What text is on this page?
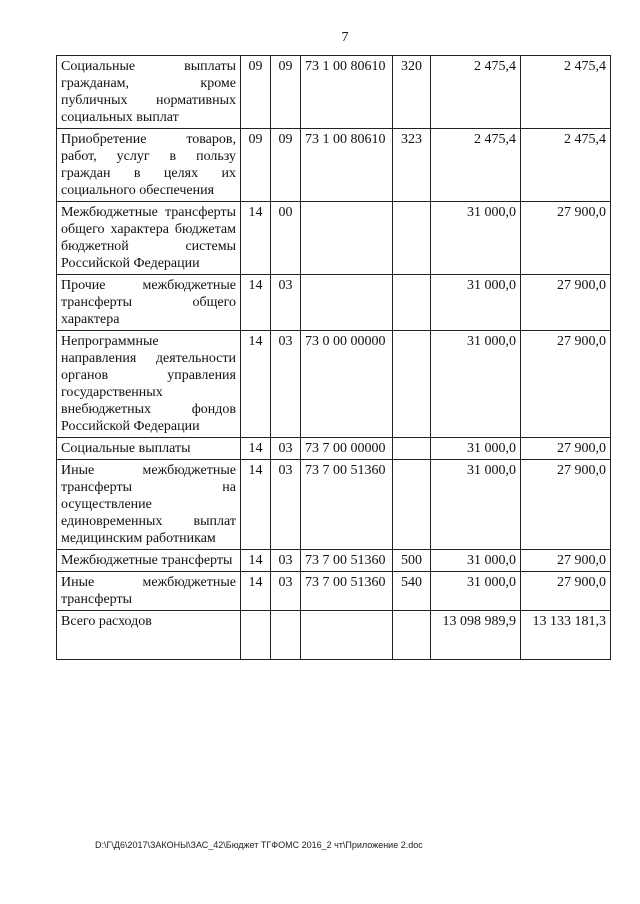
7
Социальные выплаты гражданам, кроме публичных нормативных социальных выплат	09	09	73 1 00 80610	320	2 475,4	2 475,4
Приобретение товаров, работ, услуг в пользу граждан в целях их социального обеспечения	09	09	73 1 00 80610	323	2 475,4	2 475,4
Межбюджетные трансферты общего характера бюджетам бюджетной системы Российской Федерации	14	00			31 000,0	27 900,0
Прочие межбюджетные трансферты общего характера	14	03			31 000,0	27 900,0
Непрограммные направления деятельности органов управления государственных внебюджетных фондов Российской Федерации	14	03	73 0 00 00000		31 000,0	27 900,0
Социальные выплаты	14	03	73 7 00 00000		31 000,0	27 900,0
Иные межбюджетные трансферты на осуществление единовременных выплат медицинским работникам	14	03	73 7 00 51360		31 000,0	27 900,0
Межбюджетные трансферты	14	03	73 7 00 51360	500	31 000,0	27 900,0
Иные межбюджетные трансферты	14	03	73 7 00 51360	540	31 000,0	27 900,0
Всего расходов					13 098 989,9	13 133 181,3
D:\Г\Д6\2017\ЗАКОНЫ\ЗАС_42\Бюджет ТГФОМС 2016_2 чт\Приложение 2.doc
